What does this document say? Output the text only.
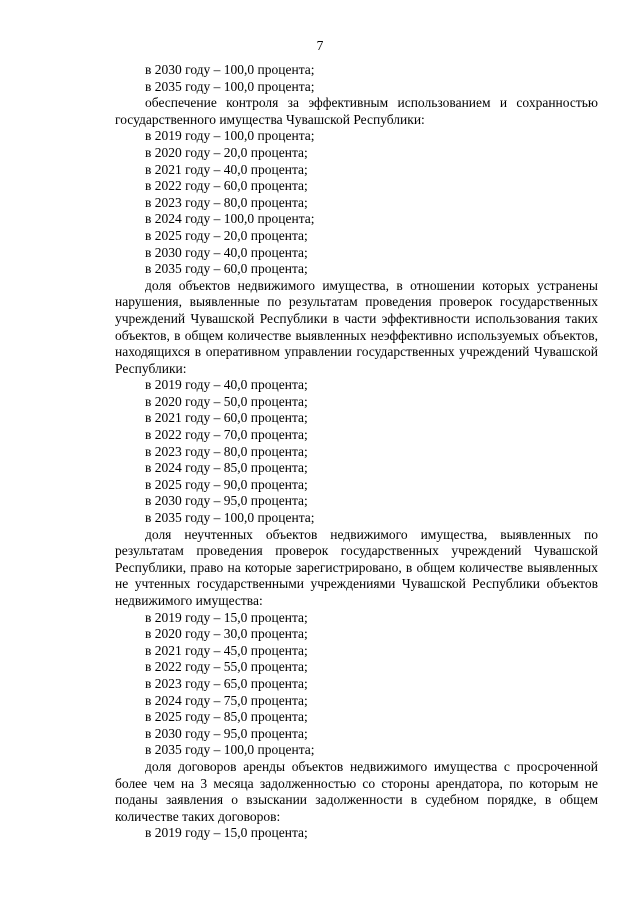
7
в 2030 году – 100,0 процента;
в 2035 году – 100,0 процента;
обеспечение контроля за эффективным использованием и сохранностью государственного имущества Чувашской Республики:
в 2019 году – 100,0 процента;
в 2020 году – 20,0 процента;
в 2021 году – 40,0 процента;
в 2022 году – 60,0 процента;
в 2023 году – 80,0 процента;
в 2024 году – 100,0 процента;
в 2025 году – 20,0 процента;
в 2030 году – 40,0 процента;
в 2035 году – 60,0 процента;
доля объектов недвижимого имущества, в отношении которых устранены нарушения, выявленные по результатам проведения проверок государственных учреждений Чувашской Республики в части эффективности использования таких объектов, в общем количестве выявленных неэффективно используемых объектов, находящихся в оперативном управлении государственных учреждений Чувашской Республики:
в 2019 году – 40,0 процента;
в 2020 году – 50,0 процента;
в 2021 году – 60,0 процента;
в 2022 году – 70,0 процента;
в 2023 году – 80,0 процента;
в 2024 году – 85,0 процента;
в 2025 году – 90,0 процента;
в 2030 году – 95,0 процента;
в 2035 году – 100,0 процента;
доля неучтенных объектов недвижимого имущества, выявленных по результатам проведения проверок государственных учреждений Чувашской Республики, право на которые зарегистрировано, в общем количестве выявленных не учтенных государственными учреждениями Чувашской Республики объектов недвижимого имущества:
в 2019 году – 15,0 процента;
в 2020 году – 30,0 процента;
в 2021 году – 45,0 процента;
в 2022 году – 55,0 процента;
в 2023 году – 65,0 процента;
в 2024 году – 75,0 процента;
в 2025 году – 85,0 процента;
в 2030 году – 95,0 процента;
в 2035 году – 100,0 процента;
доля договоров аренды объектов недвижимого имущества с просроченной более чем на 3 месяца задолженностью со стороны арендатора, по которым не поданы заявления о взыскании задолженности в судебном порядке, в общем количестве таких договоров:
в 2019 году – 15,0 процента;
